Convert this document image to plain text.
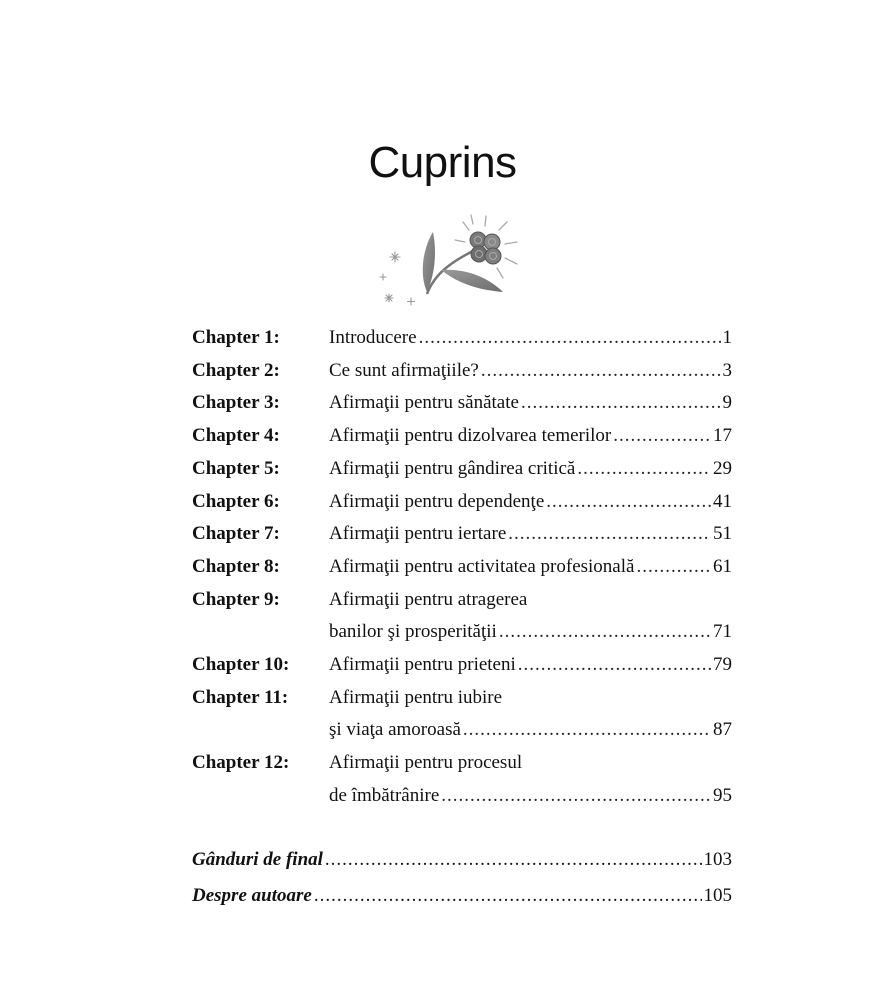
Cuprins
Chapter 1:	Introducere .....	1
Chapter 2:	Ce sunt afirmaţiile? .....	3
Chapter 3:	Afirmaţii pentru sănătate .....	9
Chapter 4:	Afirmaţii pentru dizolvarea temerilor .....	17
Chapter 5:	Afirmaţii pentru gândirea critică .....	29
Chapter 6:	Afirmaţii pentru dependenţe .....	41
Chapter 7:	Afirmaţii pentru iertare .....	51
Chapter 8:	Afirmaţii pentru activitatea profesională .....	61
Chapter 9:	Afirmaţii pentru atragerea
banilor şi prosperităţii .....	71
Chapter 10: Afirmaţii pentru prieteni .....	79
Chapter 11: Afirmaţii pentru iubire
şi viaţa amoroasă .....	87
Chapter 12: Afirmaţii pentru procesul
de îmbătrânire .....	95
Gânduri de final .....	103
Despre autoare .....	105
